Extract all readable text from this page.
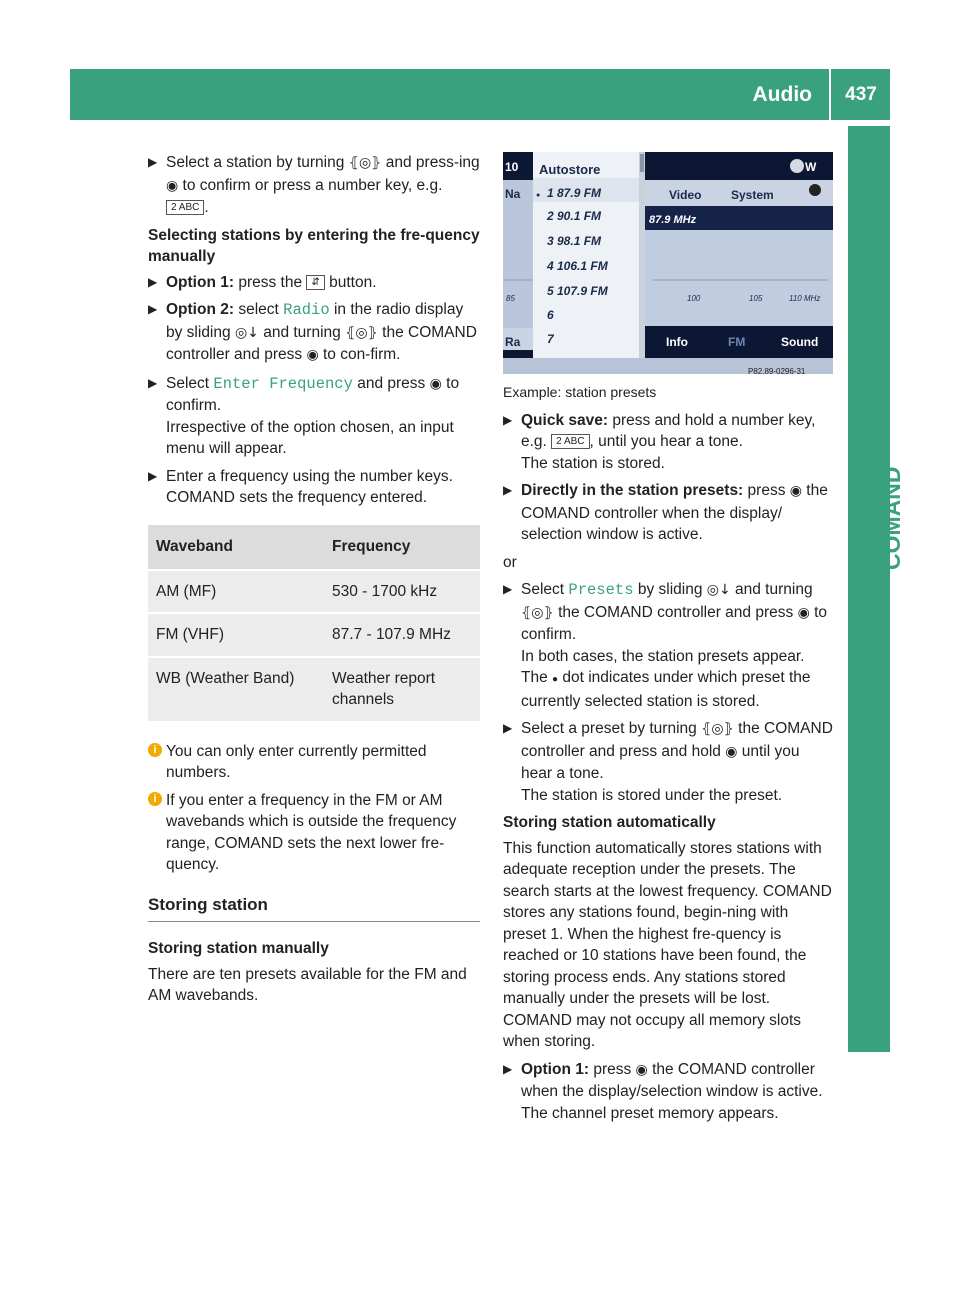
Audio	437
COMAND
▶ Select a station by turning ⦃◎⦄ and press-ing ◉ to confirm or press a number key, e.g. 2 ABC .
Selecting stations by entering the fre-quency manually
▶ Option 1: press the ⇵ button.
▶ Option 2: select Radio in the radio display by sliding ◎↓ and turning ⦃◎⦄ the COMAND controller and press ◉ to con-firm.
▶ Select Enter Frequency and press ◉ to confirm.
Irrespective of the option chosen, an input menu will appear.
▶ Enter a frequency using the number keys.
COMAND sets the frequency entered.
Waveband	Frequency
AM (MF)	530 - 1700 kHz
FM (VHF)	87.7 - 107.9 MHz
WB (Weather Band)	Weather report channels
i You can only enter currently permitted numbers.
i If you enter a frequency in the FM or AM wavebands which is outside the frequency range, COMAND sets the next lower fre-quency.
Storing station
Storing station manually
There are ten presets available for the FM and AM wavebands.
10	W
Autostore
Na ● 1 87.9 FM
2 90.1 FM
3 98.1 FM
4 106.1 FM
5 107.9 FM
6
7
Video System
87.9 MHz
85	100	105	110 MHz
Ra	Info	FM	Sound
P82.89-0296-31
Example: station presets
▶ Quick save: press and hold a number key, e.g. 2 ABC , until you hear a tone.
The station is stored.
▶ Directly in the station presets: press ◉ the COMAND controller when the display/ selection window is active.
or
▶ Select Presets by sliding ◎↓ and turning ⦃◎⦄ the COMAND controller and press ◉ to confirm.
In both cases, the station presets appear.
The ● dot indicates under which preset the currently selected station is stored.
▶ Select a preset by turning ⦃◎⦄ the COMAND controller and press and hold ◉ until you hear a tone.
The station is stored under the preset.
Storing station automatically
This function automatically stores stations with adequate reception under the presets. The search starts at the lowest frequency. COMAND stores any stations found, begin-ning with preset 1. When the highest fre-quency is reached or 10 stations have been found, the storing process ends. Any stations stored manually under the presets will be lost. COMAND may not occupy all memory slots when storing.
▶ Option 1: press ◉ the COMAND controller when the display/selection window is active.
The channel preset memory appears.
